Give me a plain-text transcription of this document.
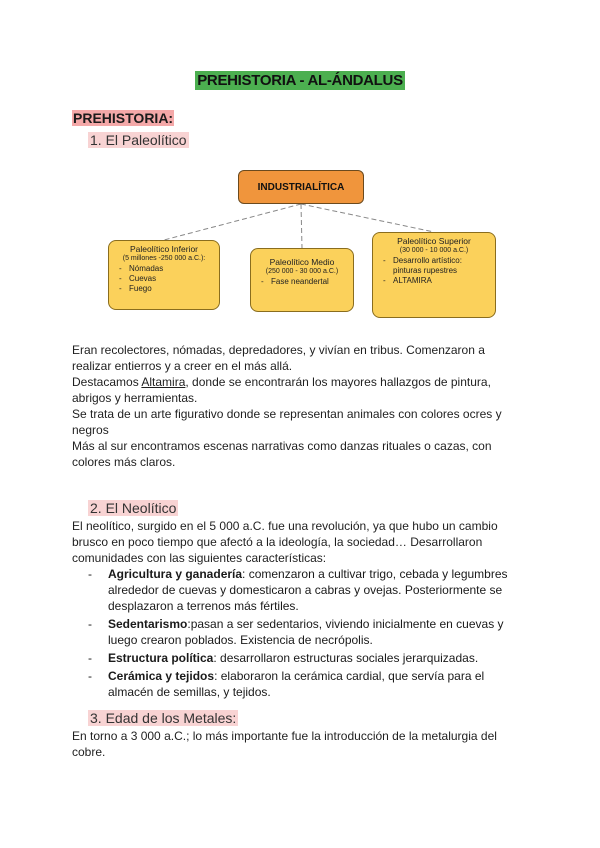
PREHISTORIA - AL-ÁNDALUS
PREHISTORIA:
1. El Paleolítico
INDUSTRIALÍTICA
Paleolítico Inferior
(5 millones -250 000 a.C.):
- Nómadas
- Cuevas
- Fuego
Paleolítico Medio
(250 000 - 30 000 a.C.)
- Fase neandertal
Paleolítico Superior
(30 000 - 10 000 a.C.)
- Desarrollo artístico: pinturas rupestres
- ALTAMIRA

Eran recolectores, nómadas, depredadores, y vivían en tribus. Comenzaron a realizar entierros y a creer en el más allá.

Destacamos Altamira, donde se encontrarán los mayores hallazgos de pintura, abrigos y herramientas.

Se trata de un arte figurativo donde se representan animales con colores ocres y negros

Más al sur encontramos escenas narrativas como danzas rituales o cazas, con colores más claros.

2. El Neolítico

El neolítico, surgido en el 5 000 a.C. fue una revolución, ya que hubo un cambio brusco en poco tiempo que afectó a la ideología, la sociedad… Desarrollaron comunidades con las siguientes características:

- Agricultura y ganadería: comenzaron a cultivar trigo, cebada y legumbres alrededor de cuevas y domesticaron a cabras y ovejas. Posteriormente se desplazaron a terrenos más fértiles.
- Sedentarismo:pasan a ser sedentarios, viviendo inicialmente en cuevas y luego crearon poblados. Existencia de necrópolis.
- Estructura política: desarrollaron estructuras sociales jerarquizadas.
- Cerámica y tejidos: elaboraron la cerámica cardial, que servía para el almacén de semillas, y tejidos.
3. Edad de los Metales:

En torno a 3 000 a.C.; lo más importante fue la introducción de la metalurgia del cobre.
